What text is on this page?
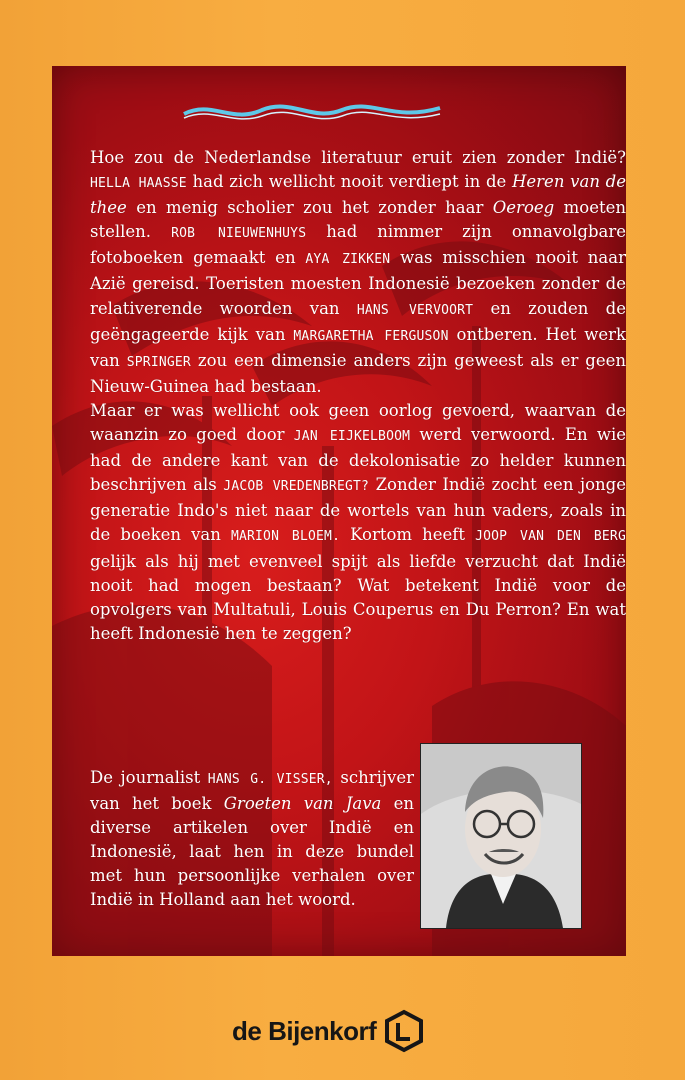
Hoe zou de Nederlandse literatuur eruit zien zonder Indië? HELLA HAASSE had zich wellicht nooit verdiept in de Heren van de thee en menig scholier zou het zonder haar Oeroeg moeten stellen. ROB NIEUWENHUYS had nimmer zijn onnavolgbare fotoboeken gemaakt en AYA ZIKKEN was misschien nooit naar Azië gereisd. Toeristen moesten Indonesië bezoeken zonder de relativerende woorden van HANS VERVOORT en zouden de geëngageerde kijk van MARGARETHA FERGUSON ontberen. Het werk van SPRINGER zou een dimensie anders zijn geweest als er geen Nieuw-Guinea had bestaan.

Maar er was wellicht ook geen oorlog gevoerd, waarvan de waanzin zo goed door JAN EIJKELBOOM werd verwoord. En wie had de andere kant van de dekolonisatie zo helder kunnen beschrijven als JACOB VREDENBREGT? Zonder Indië zocht een jonge generatie Indo's niet naar de wortels van hun vaders, zoals in de boeken van MARION BLOEM. Kortom heeft JOOP VAN DEN BERG gelijk als hij met evenveel spijt als liefde verzucht dat Indië nooit had mogen bestaan? Wat betekent Indië voor de opvolgers van Multatuli, Louis Couperus en Du Perron? En wat heeft Indonesië hen te zeggen?

De journalist HANS G. VISSER, schrijver van het boek Groeten van Java en diverse artikelen over Indië en Indonesië, laat hen in deze bundel met hun persoonlijke verhalen over Indië in Holland aan het woord.

de Bijenkorf
